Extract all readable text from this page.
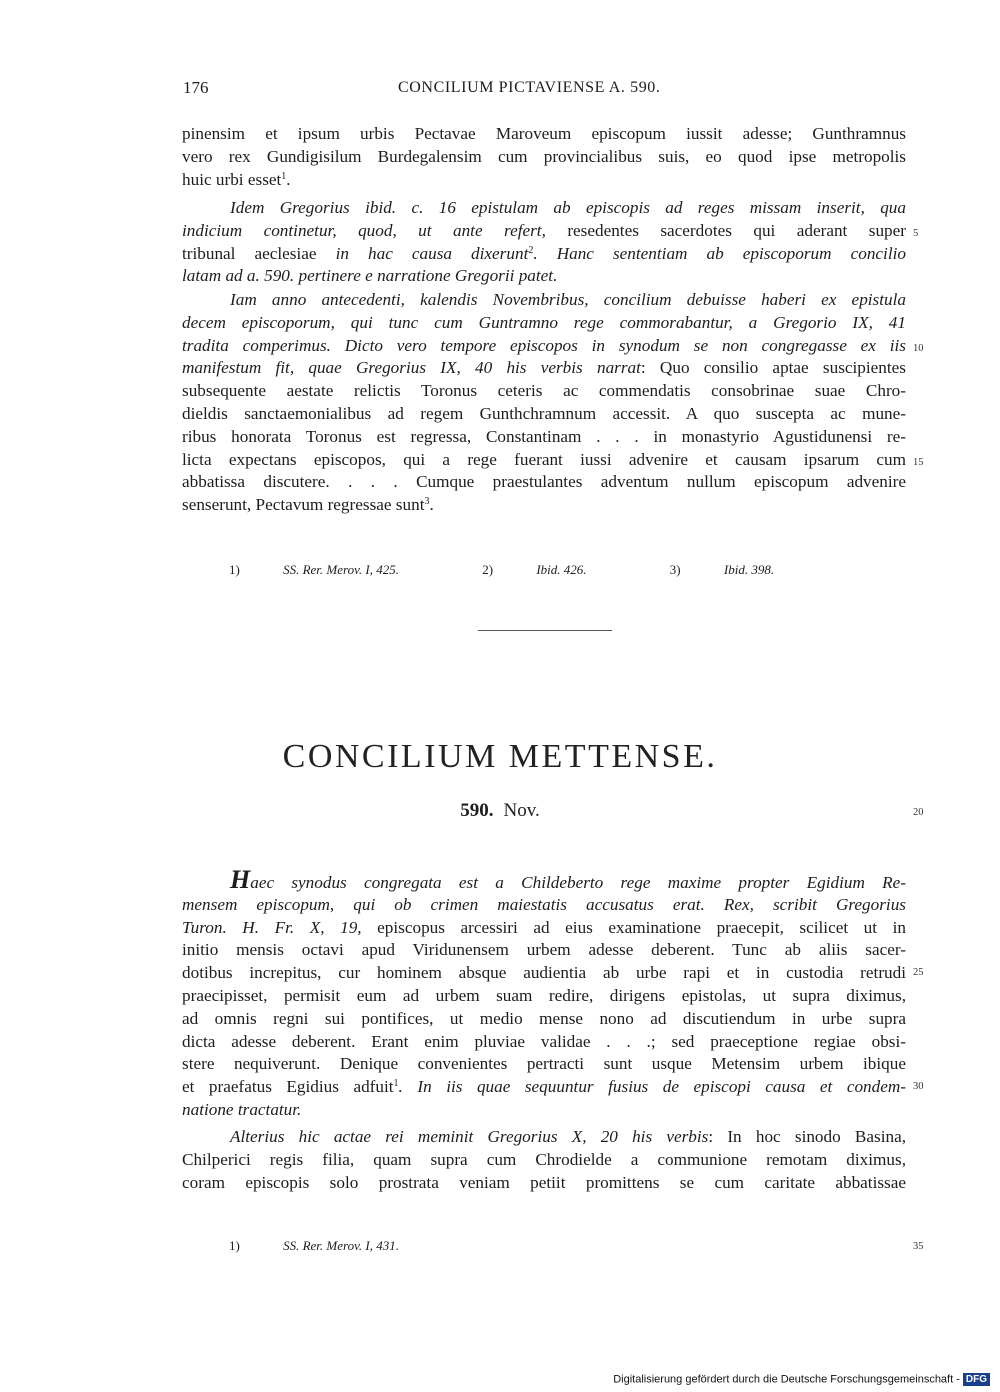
176	CONCILIUM PICTAVIENSE A. 590.
pinensim et ipsum urbis Pectavae Maroveum episcopum iussit adesse; Gunthramnus
vero rex Gundigisilum Burdegalensim cum provincialibus suis, eo quod ipse metropolis
huic urbi esset$^1$.
Idem Gregorius ibid. c. 16 epistulam ab episcopis ad reges missam inserit, qua
indicium continetur, quod, ut ante refert, resedentes sacerdotes qui aderant super
tribunal aeclesiae in hac causa dixerunt$^2$. Hanc sententiam ab episcoporum concilio
latam ad a. 590. pertinere e narratione Gregorii patet.
Iam anno antecedenti, kalendis Novembribus, concilium debuisse haberi ex epistula
decem episcoporum, qui tunc cum Guntramno rege commorabantur, a Gregorio IX, 41
tradita comperimus. Dicto vero tempore episcopos in synodum se non congregasse ex iis
manifestum fit, quae Gregorius IX, 40 his verbis narrat: Quo consilio aptae suscipientes
subsequente aestate relictis Toronus ceteris ac commendatis consobrinae suae Chro-
dieldis sanctaemonialibus ad regem Gunthchramnum accessit. A quo suscepta ac mune-
ribus honorata Toronus est regressa, Constantinam . . . in monastyrio Agustidunensi re-
licta expectans episcopos, qui a rege fuerant iussi advenire et causam ipsarum cum
abbatissa discutere. . . . Cumque praestulantes adventum nullum episcopum advenire
senserunt, Pectavum regressae sunt$^3$.
5
10
15
1)	SS. Rer. Merov. I, 425.	2)	Ibid. 426.	3)	Ibid. 398.
CONCILIUM METTENSE.
590. Nov.	20
Haec synodus congregata est a Childeberto rege maxime propter Egidium Re-
mensem episcopum, qui ob crimen maiestatis accusatus erat. Rex, scribit Gregorius
Turon. H. Fr. X, 19, episcopus arcessiri ad eius examinatione praecepit, scilicet ut in
initio mensis octavi apud Viridunensem urbem adesse deberent. Tunc ab aliis sacer-
dotibus increpitus, cur hominem absque audientia ab urbe rapi et in custodia retrudi
praecipisset, permisit eum ad urbem suam redire, dirigens epistolas, ut supra diximus,
ad omnis regni sui pontifices, ut medio mense nono ad discutiendum in urbe supra
dicta adesse deberent. Erant enim pluviae validae . . .; sed praeceptione regiae obsi-
stere nequiverunt. Denique convenientes pertracti sunt usque Metensim urbem ibique
et praefatus Egidius adfuit$^1$. In iis quae sequuntur fusius de episcopi causa et condem-
natione tractatur.
Alterius hic actae rei meminit Gregorius X, 20 his verbis: In hoc sinodo Basina,
Chilperici regis filia, quam supra cum Chrodielde a communione remotam diximus,
coram episcopis solo prostrata veniam petiit promittens se cum caritate abbatissae
25
30
1)	SS. Rer. Merov. I, 431.	35
Digitalisierung gefördert durch die Deutsche Forschungsgemeinschaft - DFG
